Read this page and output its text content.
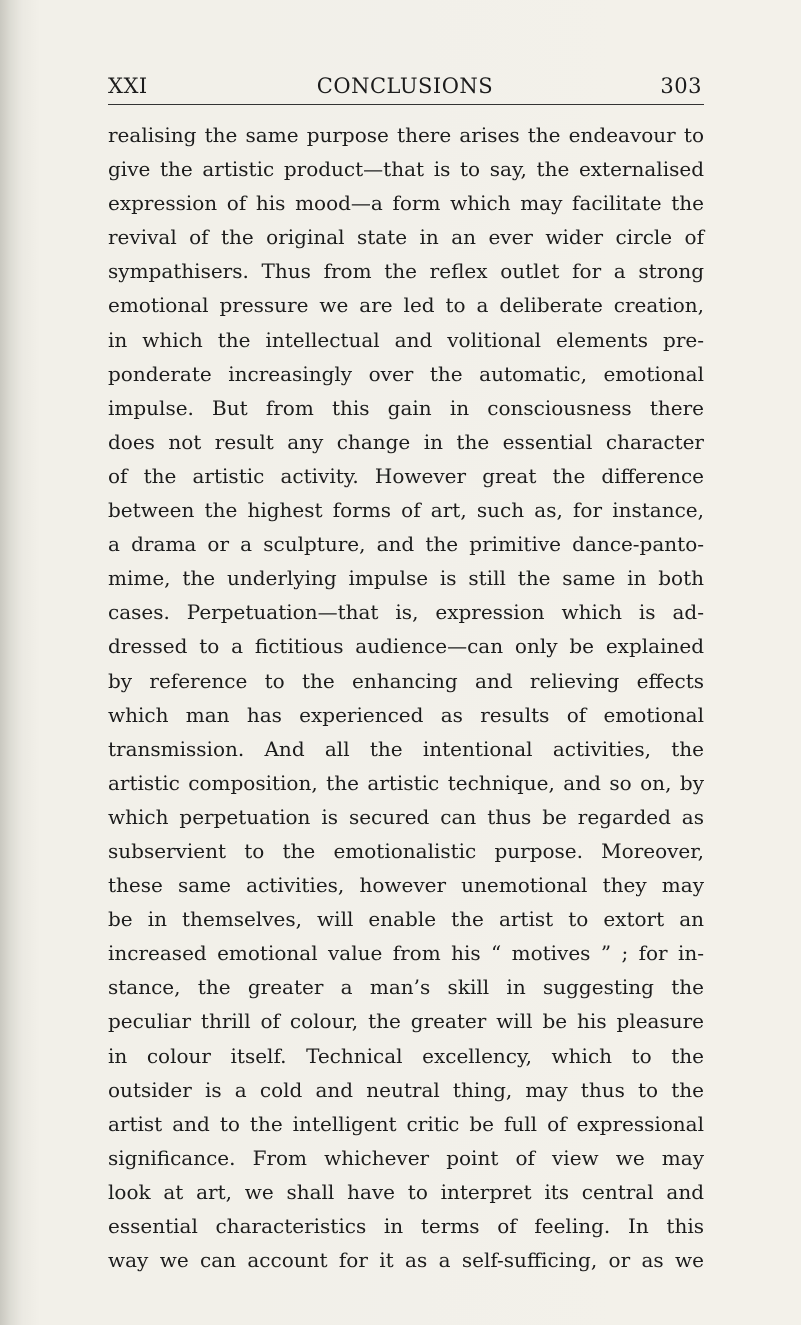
XXI	CONCLUSIONS	303
realising the same purpose there arises the endeavour to
give the artistic product—that is to say, the externalised
expression of his mood—a form which may facilitate the
revival of the original state in an ever wider circle of
sympathisers. Thus from the reflex outlet for a strong
emotional pressure we are led to a deliberate creation,
in which the intellectual and volitional elements pre-
ponderate increasingly over the automatic, emotional
impulse. But from this gain in consciousness there
does not result any change in the essential character
of the artistic activity. However great the difference
between the highest forms of art, such as, for instance,
a drama or a sculpture, and the primitive dance-panto-
mime, the underlying impulse is still the same in both
cases. Perpetuation—that is, expression which is ad-
dressed to a fictitious audience—can only be explained
by reference to the enhancing and relieving effects
which man has experienced as results of emotional
transmission. And all the intentional activities, the
artistic composition, the artistic technique, and so on, by
which perpetuation is secured can thus be regarded as
subservient to the emotionalistic purpose. Moreover,
these same activities, however unemotional they may
be in themselves, will enable the artist to extort an
increased emotional value from his “ motives ” ; for in-
stance, the greater a man’s skill in suggesting the
peculiar thrill of colour, the greater will be his pleasure
in colour itself. Technical excellency, which to the
outsider is a cold and neutral thing, may thus to the
artist and to the intelligent critic be full of expressional
significance. From whichever point of view we may
look at art, we shall have to interpret its central and
essential characteristics in terms of feeling. In this
way we can account for it as a self-sufficing, or as we
